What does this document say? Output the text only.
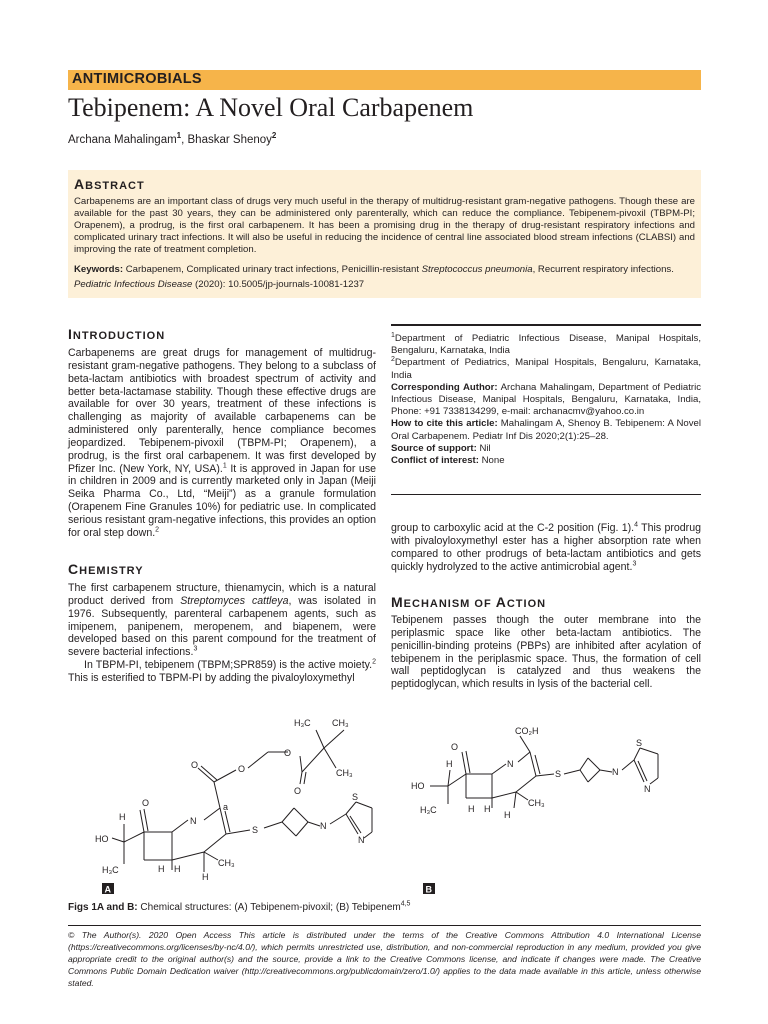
ANTIMICROBIALS
Tebipenem: A Novel Oral Carbapenem
Archana Mahalingam$^1$, Bhaskar Shenoy$^2$
ABSTRACT
Carbapenems are an important class of drugs very much useful in the therapy of multidrug-resistant gram-negative pathogens. Though these are available for the past 30 years, they can be administered only parenterally, which can reduce the compliance. Tebipenem-pivoxil (TBPM-PI; Orapenem), a prodrug, is the first oral carbapenem. It has been a promising drug in the therapy of drug-resistant respiratory infections and complicated urinary tract infections. It will also be useful in reducing the incidence of central line associated blood stream infections (CLABSI) and improving the rate of treatment completion.
Keywords: Carbapenem, Complicated urinary tract infections, Penicillin-resistant Streptococcus pneumonia, Recurrent respiratory infections.
Pediatric Infectious Disease (2020): 10.5005/jp-journals-10081-1237
INTRODUCTION
Carbapenems are great drugs for management of multidrug-resistant gram-negative pathogens. They belong to a subclass of beta-lactam antibiotics with broadest spectrum of activity and better beta-lactamase stability. Though these effective drugs are available for over 30 years, treatment of these infections is challenging as majority of available carbapenems can be administered only parenterally, hence compliance becomes jeopardized. Tebipenem-pivoxil (TBPM-PI; Orapenem), a prodrug, is the first oral carbapenem. It was first developed by Pfizer Inc. (New York, NY, USA).$^1$ It is approved in Japan for use in children in 2009 and is currently marketed only in Japan (Meiji Seika Pharma Co., Ltd, “Meiji”) as a granule formulation (Orapenem Fine Granules 10%) for pediatric use. In complicated serious resistant gram-negative infections, this provides an option for oral step down.$^2$
CHEMISTRY
The first carbapenem structure, thienamycin, which is a natural product derived from Streptomyces cattleya, was isolated in 1976. Subsequently, parenteral carbapenem agents, such as imipenem, panipenem, meropenem, and biapenem, were developed based on this parent compound for the treatment of severe bacterial infections.$^3$
In TBPM-PI, tebipenem (TBPM;SPR859) is the active moiety.$^2$ This is esterified to TBPM-PI by adding the pivaloyloxymethyl

$^1$Department of Pediatric Infectious Disease, Manipal Hospitals, Bengaluru, Karnataka, India

$^2$Department of Pediatrics, Manipal Hospitals, Bengaluru, Karnataka, India

Corresponding Author: Archana Mahalingam, Department of Pediatric Infectious Disease, Manipal Hospitals, Bengaluru, Karnataka, India, Phone: +91 7338134299, e-mail: archanacmv@yahoo.co.in

How to cite this article: Mahalingam A, Shenoy B. Tebipenem: A Novel Oral Carbapenem. Pediatr Inf Dis 2020;2(1):25–28.

Source of support: Nil

Conflict of interest: None

group to carboxylic acid at the C-2 position (Fig. 1).$^4$ This prodrug with pivaloyloxymethyl ester has a higher absorption rate when compared to other prodrugs of beta-lactam antibiotics and gets quickly hydrolyzed to the active antimicrobial agent.$^3$
MECHANISM OF ACTION
Tebipenem passes though the outer membrane into the periplasmic space like other beta-lactam antibiotics. The penicillin-binding proteins (PBPs) are inhibited after acylation of tebipenem in the periplasmic space. Thus, the formation of cell wall peptidoglycan is catalyzed and thus weakens the peptidoglycan, which results in lysis of the bacterial cell.
H₃C CH₃
CH₃
O
O
O
O
O	a
N
S	N
S
N
H
HO
H₃C	H H
H
CH₃
CO₂H
O
N
S	N
S
N
H
HO
H₃C	H H
H
CH₃
A	B
Figs 1A and B: Chemical structures: (A) Tebipenem-pivoxil; (B) Tebipenem$^{4,5}$
© The Author(s). 2020 Open Access This article is distributed under the terms of the Creative Commons Attribution 4.0 International License (https://creativecommons.org/licenses/by-nc/4.0/), which permits unrestricted use, distribution, and non-commercial reproduction in any medium, provided you give appropriate credit to the original author(s) and the source, provide a link to the Creative Commons license, and indicate if changes were made. The Creative Commons Public Domain Dedication waiver (http://creativecommons.org/publicdomain/zero/1.0/) applies to the data made available in this article, unless otherwise stated.
